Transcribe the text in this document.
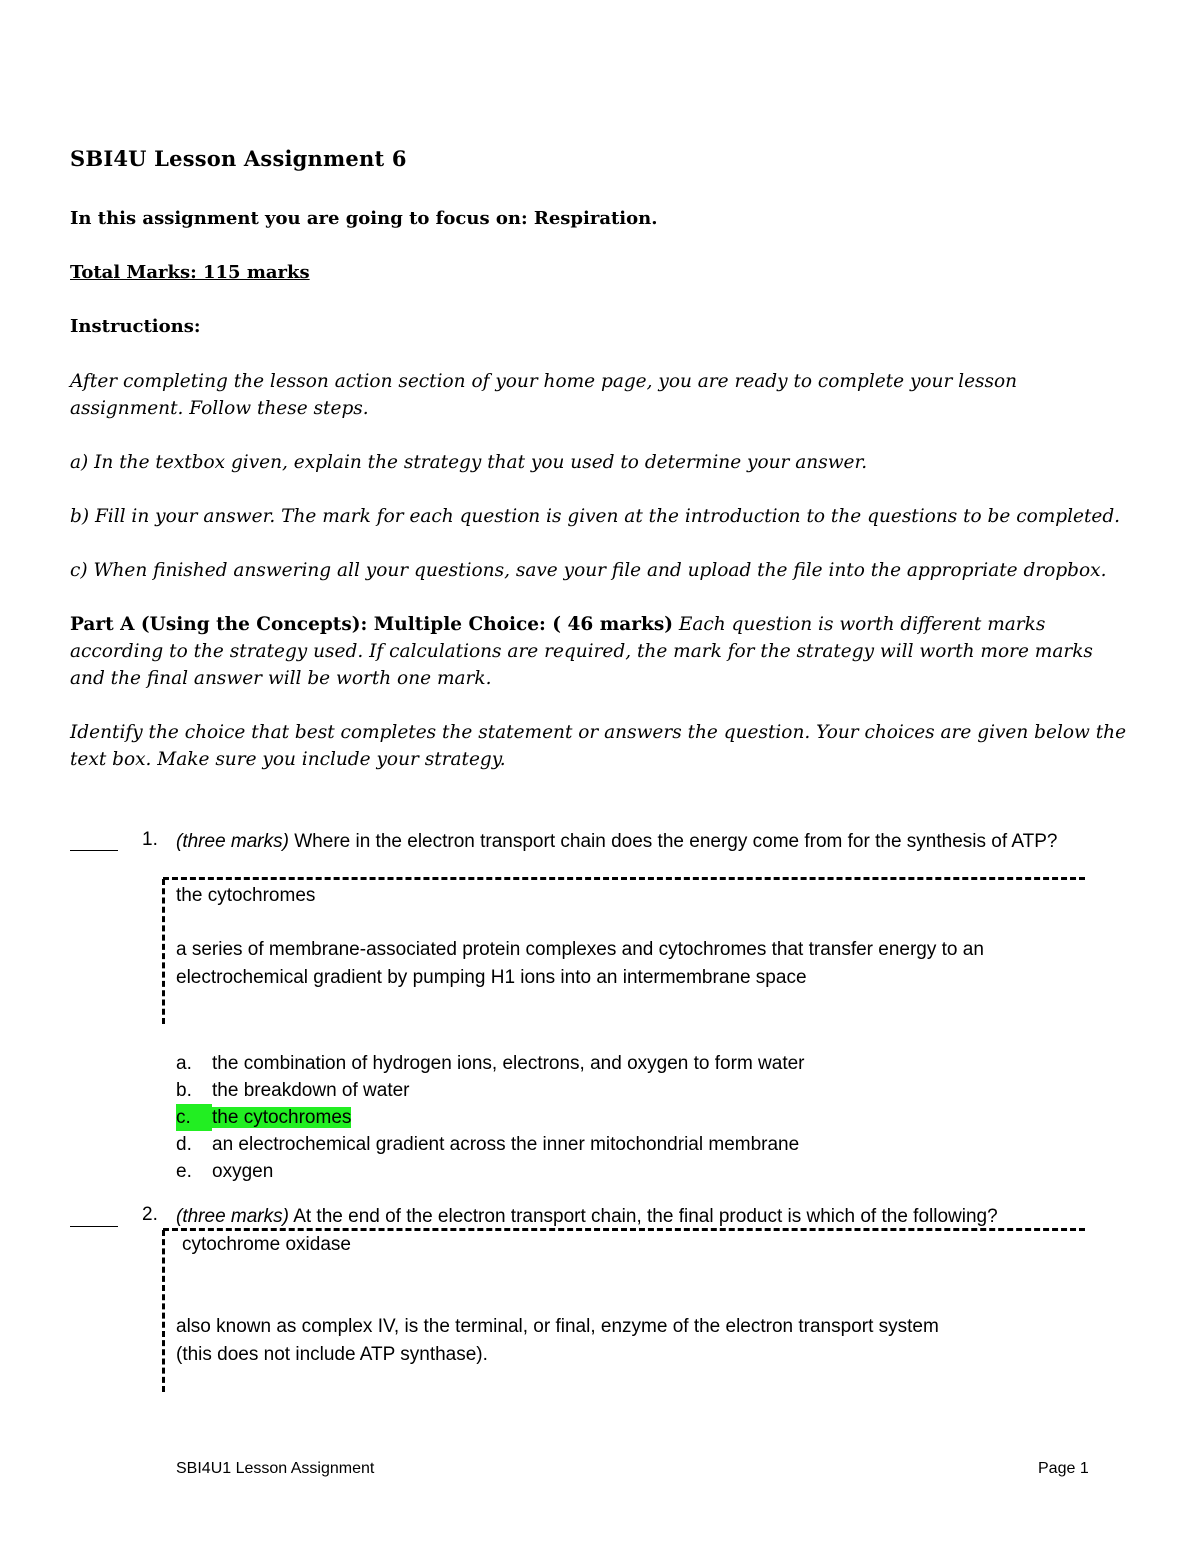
SBI4U Lesson Assignment 6

In this assignment you are going to focus on: Respiration.

Total Marks: 115 marks

Instructions:

After completing the lesson action section of your home page, you are ready to complete your lesson assignment. Follow these steps.

a) In the textbox given, explain the strategy that you used to determine your answer.

b) Fill in your answer. The mark for each question is given at the introduction to the questions to be completed.

c) When finished answering all your questions, save your file and upload the file into the appropriate dropbox.

Part A (Using the Concepts): Multiple Choice: ( 46 marks) Each question is worth different marks according to the strategy used. If calculations are required, the mark for the strategy will worth more marks and the final answer will be worth one mark.

Identify the choice that best completes the statement or answers the question. Your choices are given below the text box. Make sure you include your strategy.

1. (three marks) Where in the electron transport chain does the energy come from for the synthesis of ATP?
the cytochromes
a series of membrane-associated protein complexes and cytochromes that transfer energy to an electrochemical gradient by pumping H1 ions into an intermembrane space
a. the combination of hydrogen ions, electrons, and oxygen to form water
b. the breakdown of water
c. the cytochromes
d. an electrochemical gradient across the inner mitochondrial membrane
e. oxygen
2. (three marks) At the end of the electron transport chain, the final product is which of the following?
cytochrome oxidase
also known as complex IV, is the terminal, or final, enzyme of the electron transport system
(this does not include ATP synthase).
SBI4U1 Lesson Assignment	Page 1
